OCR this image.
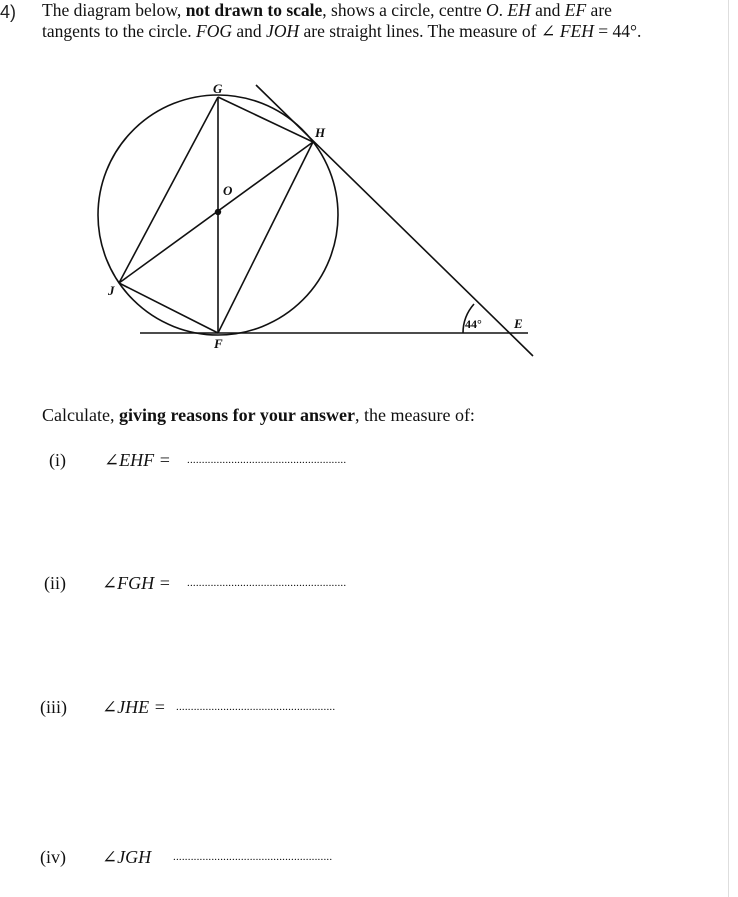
4) The diagram below, not drawn to scale, shows a circle, centre O. EH and EF are
tangents to the circle. FOG and JOH are straight lines. The measure of ∠ FEH = 44°.
G
H
O
J
F
E
44°
Calculate, giving reasons for your answer, the measure of:
(i) ∠EHF = ......................................................
(ii) ∠FGH = ......................................................
(iii) ∠JHE = ......................................................
(iv) ∠JGH ......................................................
